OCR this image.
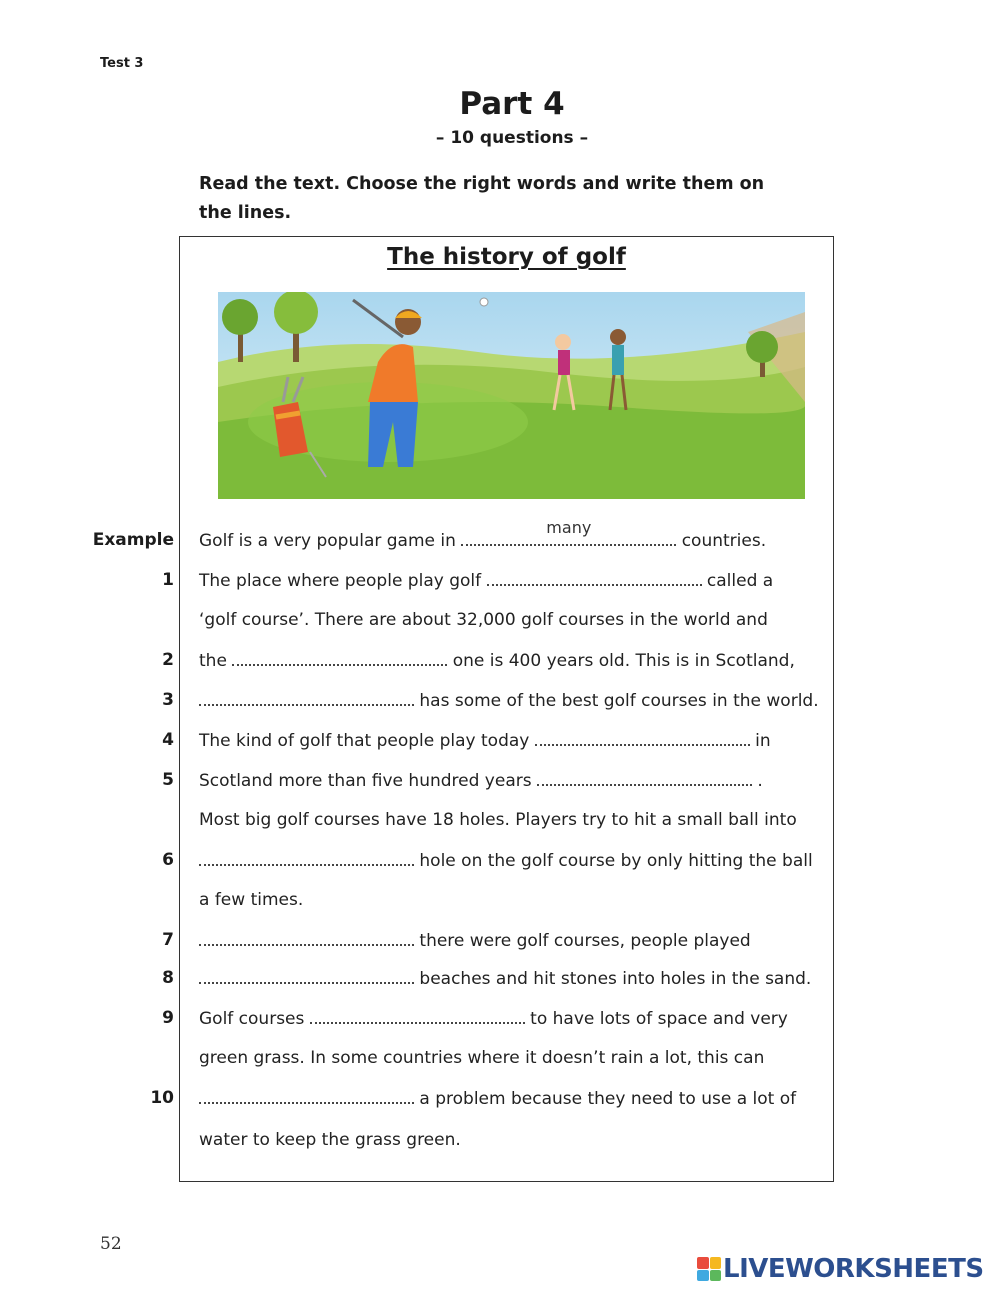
Test 3
Part 4
– 10 questions –
Read the text. Choose the right words and write them on the lines.
The history of golf
Example Golf is a very popular game in
many
countries.
1 The place where people play golf	called a
‘golf course’. There are about 32,000 golf courses in the world and
2 the	one is 400 years old. This is in Scotland,
3	has some of the best golf courses in the world.
4 The kind of golf that people play today	in
5 Scotland more than five hundred years	.
Most big golf courses have 18 holes. Players try to hit a small ball into
6	hole on the golf course by only hitting the ball
a few times.
7	there were golf courses, people played
8	beaches and hit stones into holes in the sand.
9 Golf courses	to have lots of space and very
green grass. In some countries where it doesn’t rain a lot, this can
10	a problem because they need to use a lot of
water to keep the grass green.
52
LIVEWORKSHEETS
